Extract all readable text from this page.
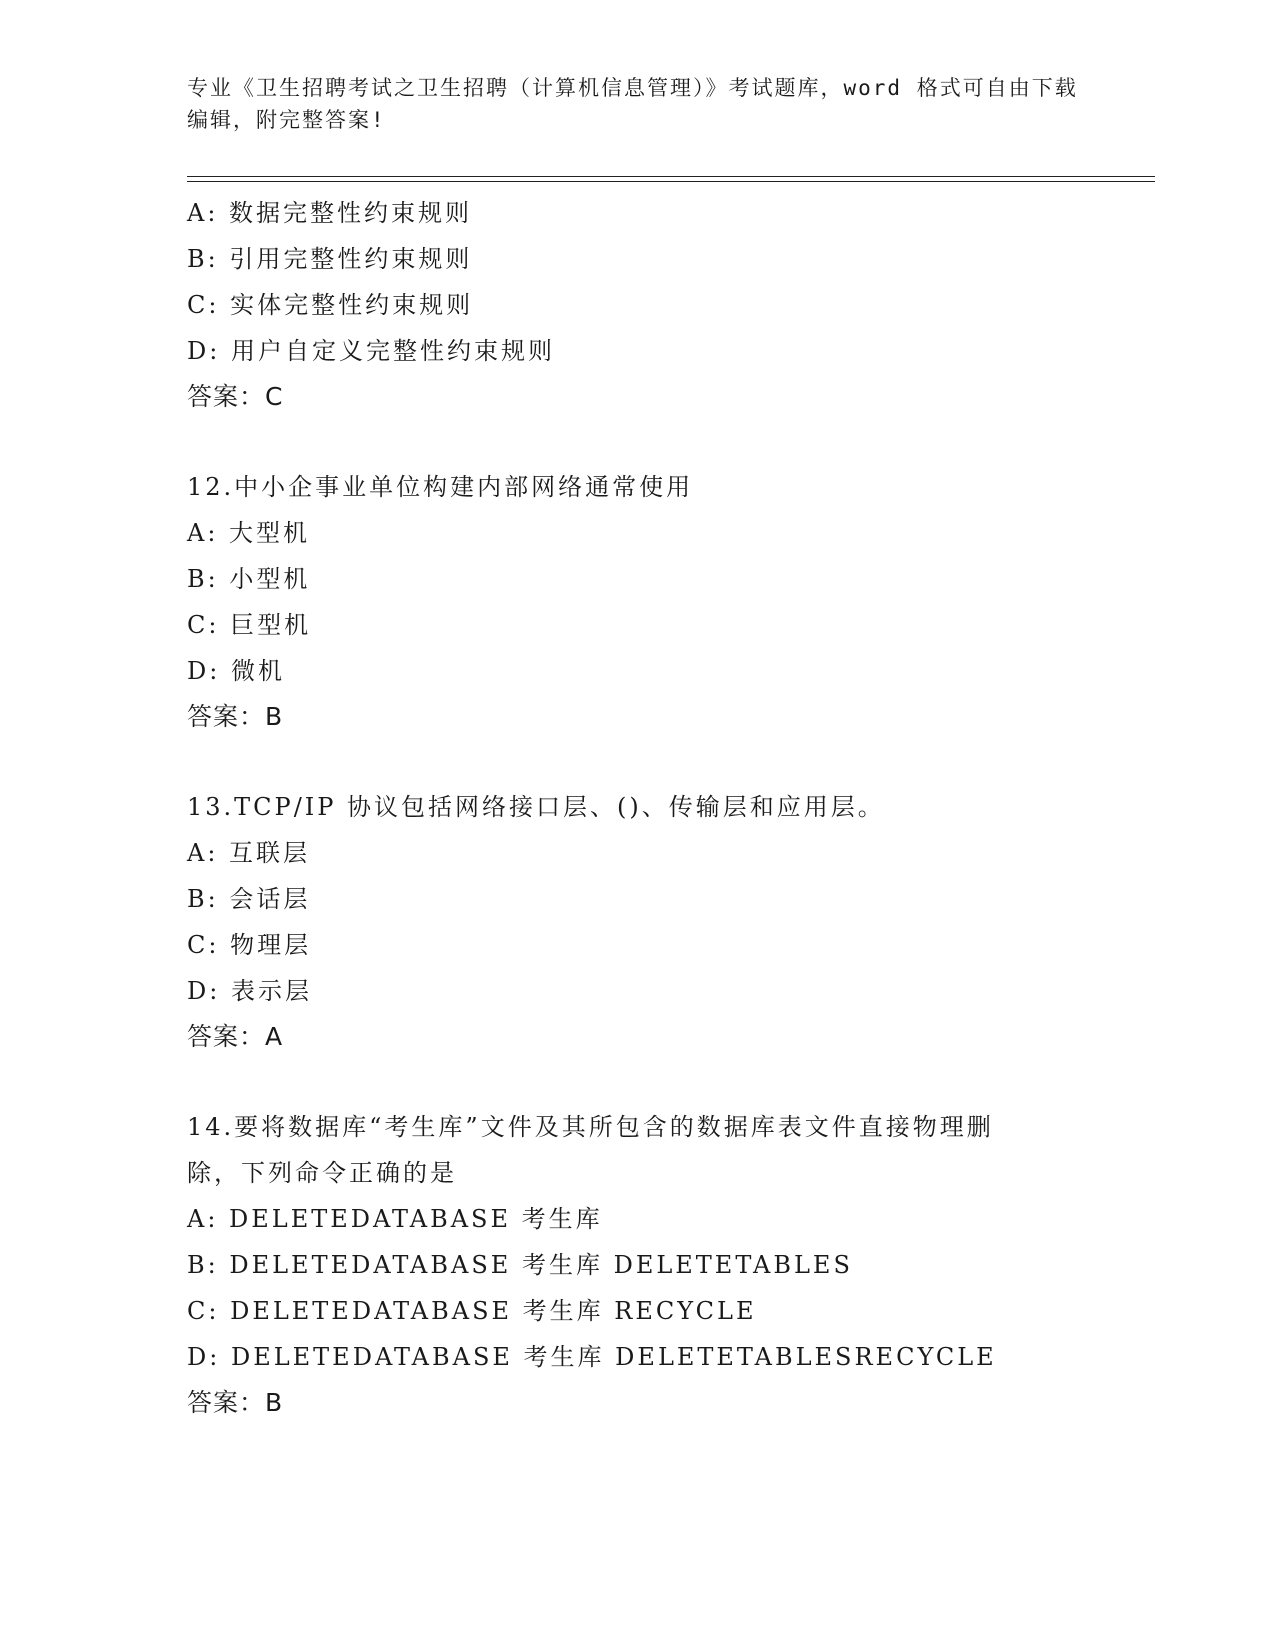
专业《卫生招聘考试之卫生招聘（计算机信息管理）》考试题库，word 格式可自由下载编辑，附完整答案!
A: 数据完整性约束规则
B: 引用完整性约束规则
C: 实体完整性约束规则
D: 用户自定义完整性约束规则
答案：C
12.中小企事业单位构建内部网络通常使用
A: 大型机
B: 小型机
C: 巨型机
D: 微机
答案：B
13.TCP/IP 协议包括网络接口层、()、传输层和应用层。
A: 互联层
B: 会话层
C: 物理层
D: 表示层
答案：A
14.要将数据库“考生库”文件及其所包含的数据库表文件直接物理删
除，下列命令正确的是
A: DELETEDATABASE 考生库
B: DELETEDATABASE 考生库 DELETETABLES
C: DELETEDATABASE 考生库 RECYCLE
D: DELETEDATABASE 考生库 DELETETABLESRECYCLE
答案：B
